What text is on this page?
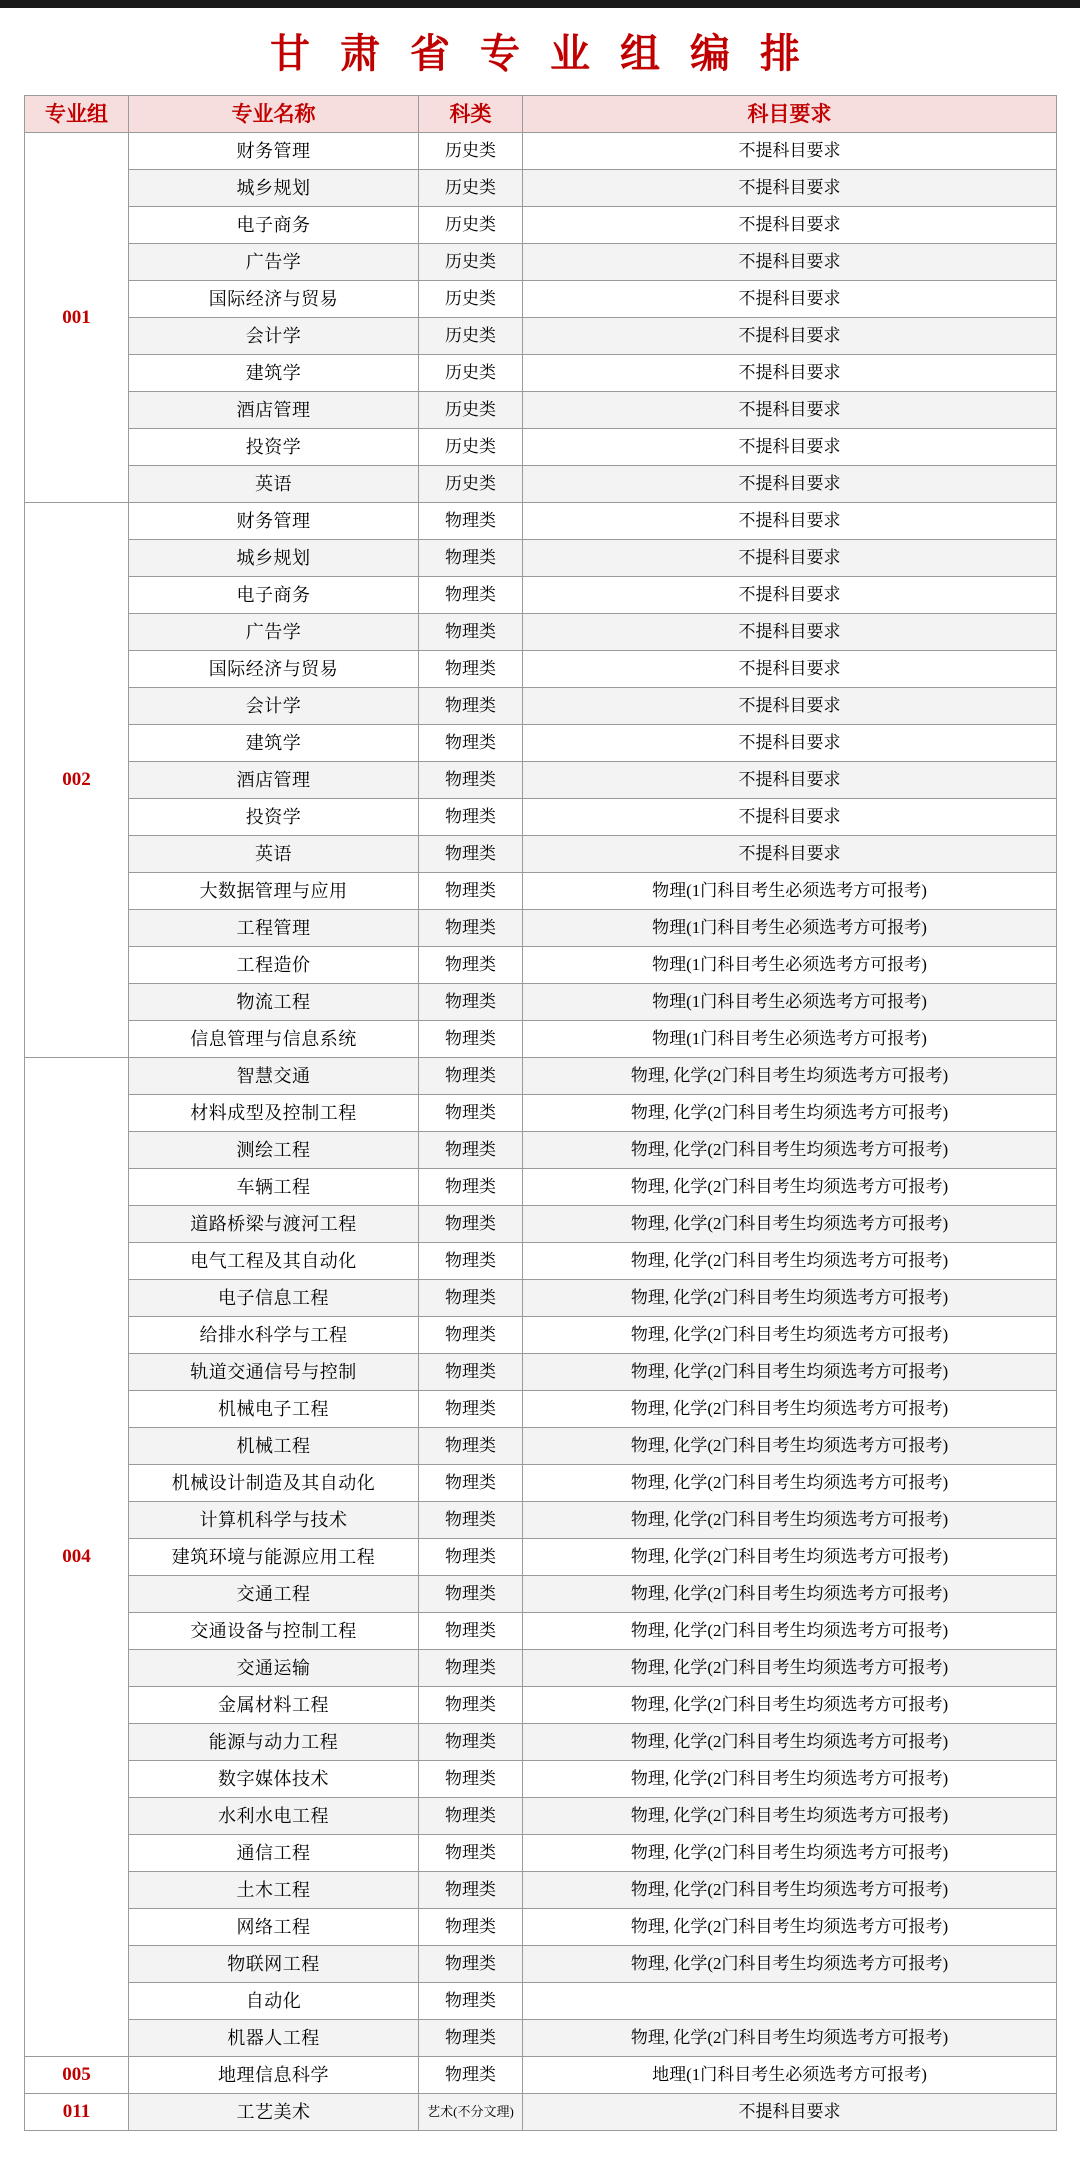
甘 肃 省 专 业 组 编 排
专业组	专业名称	科类	科目要求
001	财务管理	历史类	不提科目要求
	城乡规划	历史类	不提科目要求
	电子商务	历史类	不提科目要求
	广告学	历史类	不提科目要求
	国际经济与贸易	历史类	不提科目要求
	会计学	历史类	不提科目要求
	建筑学	历史类	不提科目要求
	酒店管理	历史类	不提科目要求
	投资学	历史类	不提科目要求
	英语	历史类	不提科目要求
002	财务管理	物理类	不提科目要求
	城乡规划	物理类	不提科目要求
	电子商务	物理类	不提科目要求
	广告学	物理类	不提科目要求
	国际经济与贸易	物理类	不提科目要求
	会计学	物理类	不提科目要求
	建筑学	物理类	不提科目要求
	酒店管理	物理类	不提科目要求
	投资学	物理类	不提科目要求
	英语	物理类	不提科目要求
	大数据管理与应用	物理类	物理(1门科目考生必须选考方可报考)
	工程管理	物理类	物理(1门科目考生必须选考方可报考)
	工程造价	物理类	物理(1门科目考生必须选考方可报考)
	物流工程	物理类	物理(1门科目考生必须选考方可报考)
	信息管理与信息系统	物理类	物理(1门科目考生必须选考方可报考)
004	智慧交通	物理类	物理, 化学(2门科目考生均须选考方可报考)
	材料成型及控制工程	物理类	物理, 化学(2门科目考生均须选考方可报考)
	测绘工程	物理类	物理, 化学(2门科目考生均须选考方可报考)
	车辆工程	物理类	物理, 化学(2门科目考生均须选考方可报考)
	道路桥梁与渡河工程	物理类	物理, 化学(2门科目考生均须选考方可报考)
	电气工程及其自动化	物理类	物理, 化学(2门科目考生均须选考方可报考)
	电子信息工程	物理类	物理, 化学(2门科目考生均须选考方可报考)
	给排水科学与工程	物理类	物理, 化学(2门科目考生均须选考方可报考)
	轨道交通信号与控制	物理类	物理, 化学(2门科目考生均须选考方可报考)
	机械电子工程	物理类	物理, 化学(2门科目考生均须选考方可报考)
	机械工程	物理类	物理, 化学(2门科目考生均须选考方可报考)
	机械设计制造及其自动化	物理类	物理, 化学(2门科目考生均须选考方可报考)
	计算机科学与技术	物理类	物理, 化学(2门科目考生均须选考方可报考)
	建筑环境与能源应用工程	物理类	物理, 化学(2门科目考生均须选考方可报考)
	交通工程	物理类	物理, 化学(2门科目考生均须选考方可报考)
	交通设备与控制工程	物理类	物理, 化学(2门科目考生均须选考方可报考)
	交通运输	物理类	物理, 化学(2门科目考生均须选考方可报考)
	金属材料工程	物理类	物理, 化学(2门科目考生均须选考方可报考)
	能源与动力工程	物理类	物理, 化学(2门科目考生均须选考方可报考)
	数字媒体技术	物理类	物理, 化学(2门科目考生均须选考方可报考)
	水利水电工程	物理类	物理, 化学(2门科目考生均须选考方可报考)
	通信工程	物理类	物理, 化学(2门科目考生均须选考方可报考)
	土木工程	物理类	物理, 化学(2门科目考生均须选考方可报考)
	网络工程	物理类	物理, 化学(2门科目考生均须选考方可报考)
	物联网工程	物理类	物理, 化学(2门科目考生均须选考方可报考)
	自动化	物理类	
	机器人工程	物理类	物理, 化学(2门科目考生均须选考方可报考)
005	地理信息科学	物理类	地理(1门科目考生必须选考方可报考)
011	工艺美术	艺术(不分文理)	不提科目要求
